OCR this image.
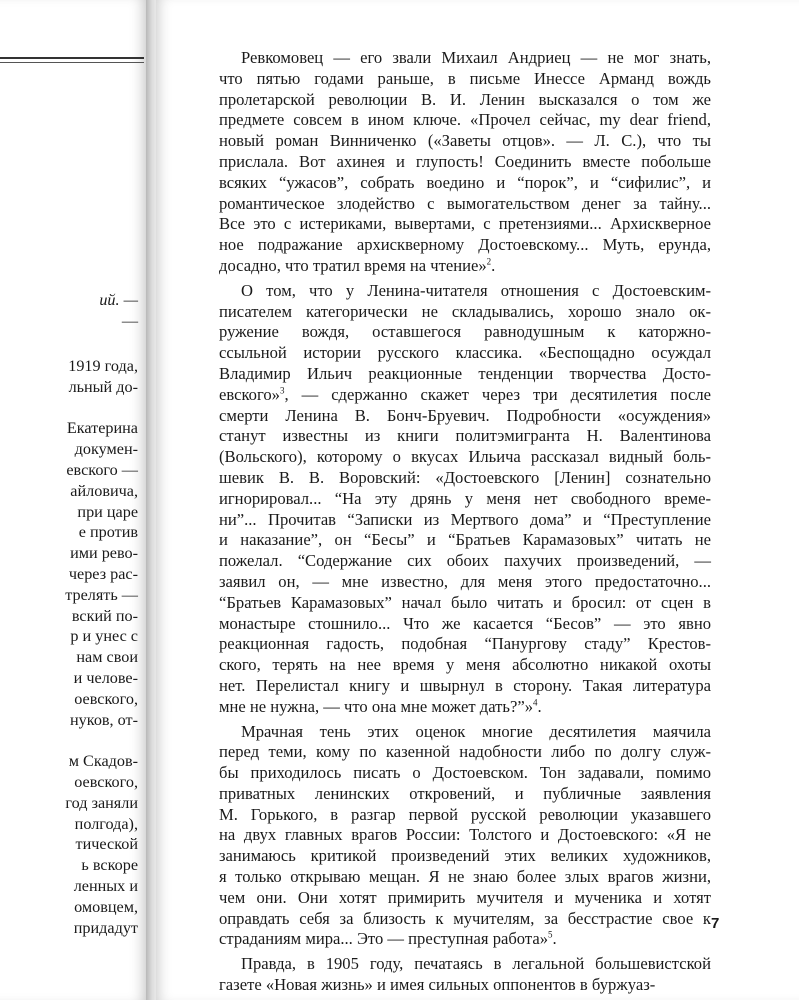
ий. —
—
1919 года,
льный до-

Екатерина
докумен-
евского —
айловича,
при царе
е против
ими рево-
через рас-
трелять —
вский по-
р и унес с
нам свои
и челове-
оевского,
нуков, от-

м Скадов-
оевского,
год заняли
полгода),
тической
ь вскоре
ленных и
омовцем,
придадут
Ревкомовец — его звали Михаил Андриец — не мог знать,
что пятью годами раньше, в письме Инессе Арманд вождь
пролетарской революции В. И. Ленин высказался о том же
предмете совсем в ином ключе. «Прочел сейчас, my dear friend,
новый роман Винниченко («Заветы отцов». — Л. С.), что ты
прислала. Вот ахинея и глупость! Соединить вместе побольше
всяких “ужасов”, собрать воедино и “порок”, и “сифилис”, и
романтическое злодейство с вымогательством денег за тайну...
Все это с истериками, вывертами, с претензиями... Архискверное
ное подражание архискверному Достоевскому... Муть, ерунда,
досадно, что тратил время на чтение»$^2$.
О том, что у Ленина-читателя отношения с Достоевским-
писателем категорически не складывались, хорошо знало ок-
ружение вождя, оставшегося равнодушным к каторжно-
ссыльной истории русского классика. «Беспощадно осуждал
Владимир Ильич реакционные тенденции творчества Досто-
евского»$^3$, — сдержанно скажет через три десятилетия после
смерти Ленина В. Бонч-Бруевич. Подробности «осуждения»
станут известны из книги политэмигранта Н. Валентинова
(Вольского), которому о вкусах Ильича рассказал видный боль-
шевик В. В. Воровский: «Достоевского [Ленин] сознательно
игнорировал... “На эту дрянь у меня нет свободного време-
ни”... Прочитав “Записки из Мертвого дома” и “Преступление
и наказание”, он “Бесы” и “Братьев Карамазовых” читать не
пожелал. “Содержание сих обоих пахучих произведений, —
заявил он, — мне известно, для меня этого предостаточно...
“Братьев Карамазовых” начал было читать и бросил: от сцен в
монастыре стошнило... Что же касается “Бесов” — это явно
реакционная гадость, подобная “Панургову стаду” Крестов-
ского, терять на нее время у меня абсолютно никакой охоты
нет. Перелистал книгу и швырнул в сторону. Такая литература
мне не нужна, — что она мне может дать?”»$^4$.
Мрачная тень этих оценок многие десятилетия маячила
перед теми, кому по казенной надобности либо по долгу служ-
бы приходилось писать о Достоевском. Тон задавали, помимо
приватных ленинских откровений, и публичные заявления
М. Горького, в разгар первой русской революции указавшего
на двух главных врагов России: Толстого и Достоевского: «Я не
занимаюсь критикой произведений этих великих художников,
я только открываю мещан. Я не знаю более злых врагов жизни,
чем они. Они хотят примирить мучителя и мученика и хотят
оправдать себя за близость к мучителям, за бесстрастие свое к
страданиям мира... Это — преступная работа»$^5$.
Правда, в 1905 году, печатаясь в легальной большевистской
газете «Новая жизнь» и имея сильных оппонентов в буржуаз-
7
